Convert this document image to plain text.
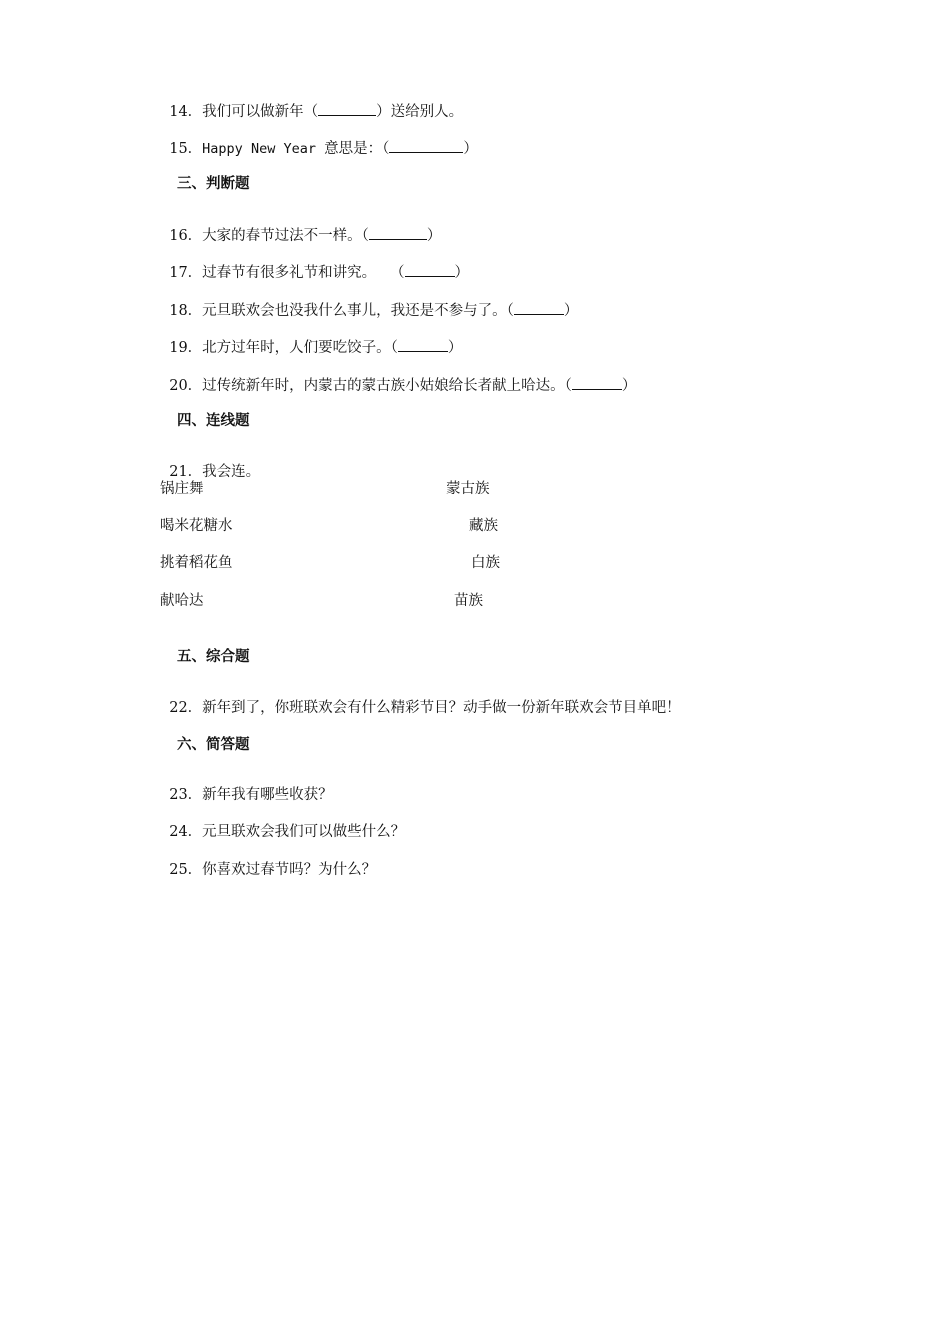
14．我们可以做新年（	）送给别人。

15．Happy New Year 意思是：（	）

三、判断题

16．大家的春节过法不一样。（	）

17．过春节有很多礼节和讲究。   （	）

18．元旦联欢会也没我什么事儿，我还是不参与了。（	）

19．北方过年时，人们要吃饺子。（	）

20．过传统新年时，内蒙古的蒙古族小姑娘给长者献上哈达。（	）

四、连线题

21．我会连。

锅庄舞	蒙古族
喝米花糖水	藏族
挑着稻花鱼	白族
献哈达	苗族
五、综合题

22．新年到了，你班联欢会有什么精彩节目？动手做一份新年联欢会节目单吧！

六、简答题

23．新年我有哪些收获？

24．元旦联欢会我们可以做些什么？

25．你喜欢过春节吗？为什么？
